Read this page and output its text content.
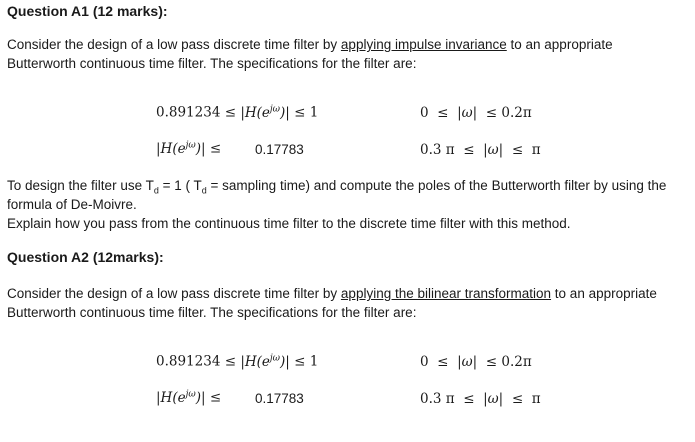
Question A1 (12 marks):
Consider the design of a low pass discrete time filter by applying impulse invariance to an appropriate
Butterworth continuous time filter. The specifications for the filter are:
$0.891234 \le |H(e^{j\omega})| \le 1$	0  ≤  |ω|  ≤ 0.2π
$|H(e^{j\omega})|$ ≤	0.17783	0.3 π  ≤  |ω|  ≤  π
To design the filter use $T_d = 1$ ( $T_d$ = sampling time) and compute the poles of the Butterworth filter by using the
formula of De-Moivre.
Explain how you pass from the continuous time filter to the discrete time filter with this method.
Question A2 (12marks):
Consider the design of a low pass discrete time filter by applying the bilinear transformation to an appropriate
Butterworth continuous time filter. The specifications for the filter are:
$0.891234 \le |H(e^{j\omega})| \le 1$	0  ≤  |ω|  ≤ 0.2π
$|H(e^{j\omega})|$ ≤	0.17783	0.3 π  ≤  |ω|  ≤  π
